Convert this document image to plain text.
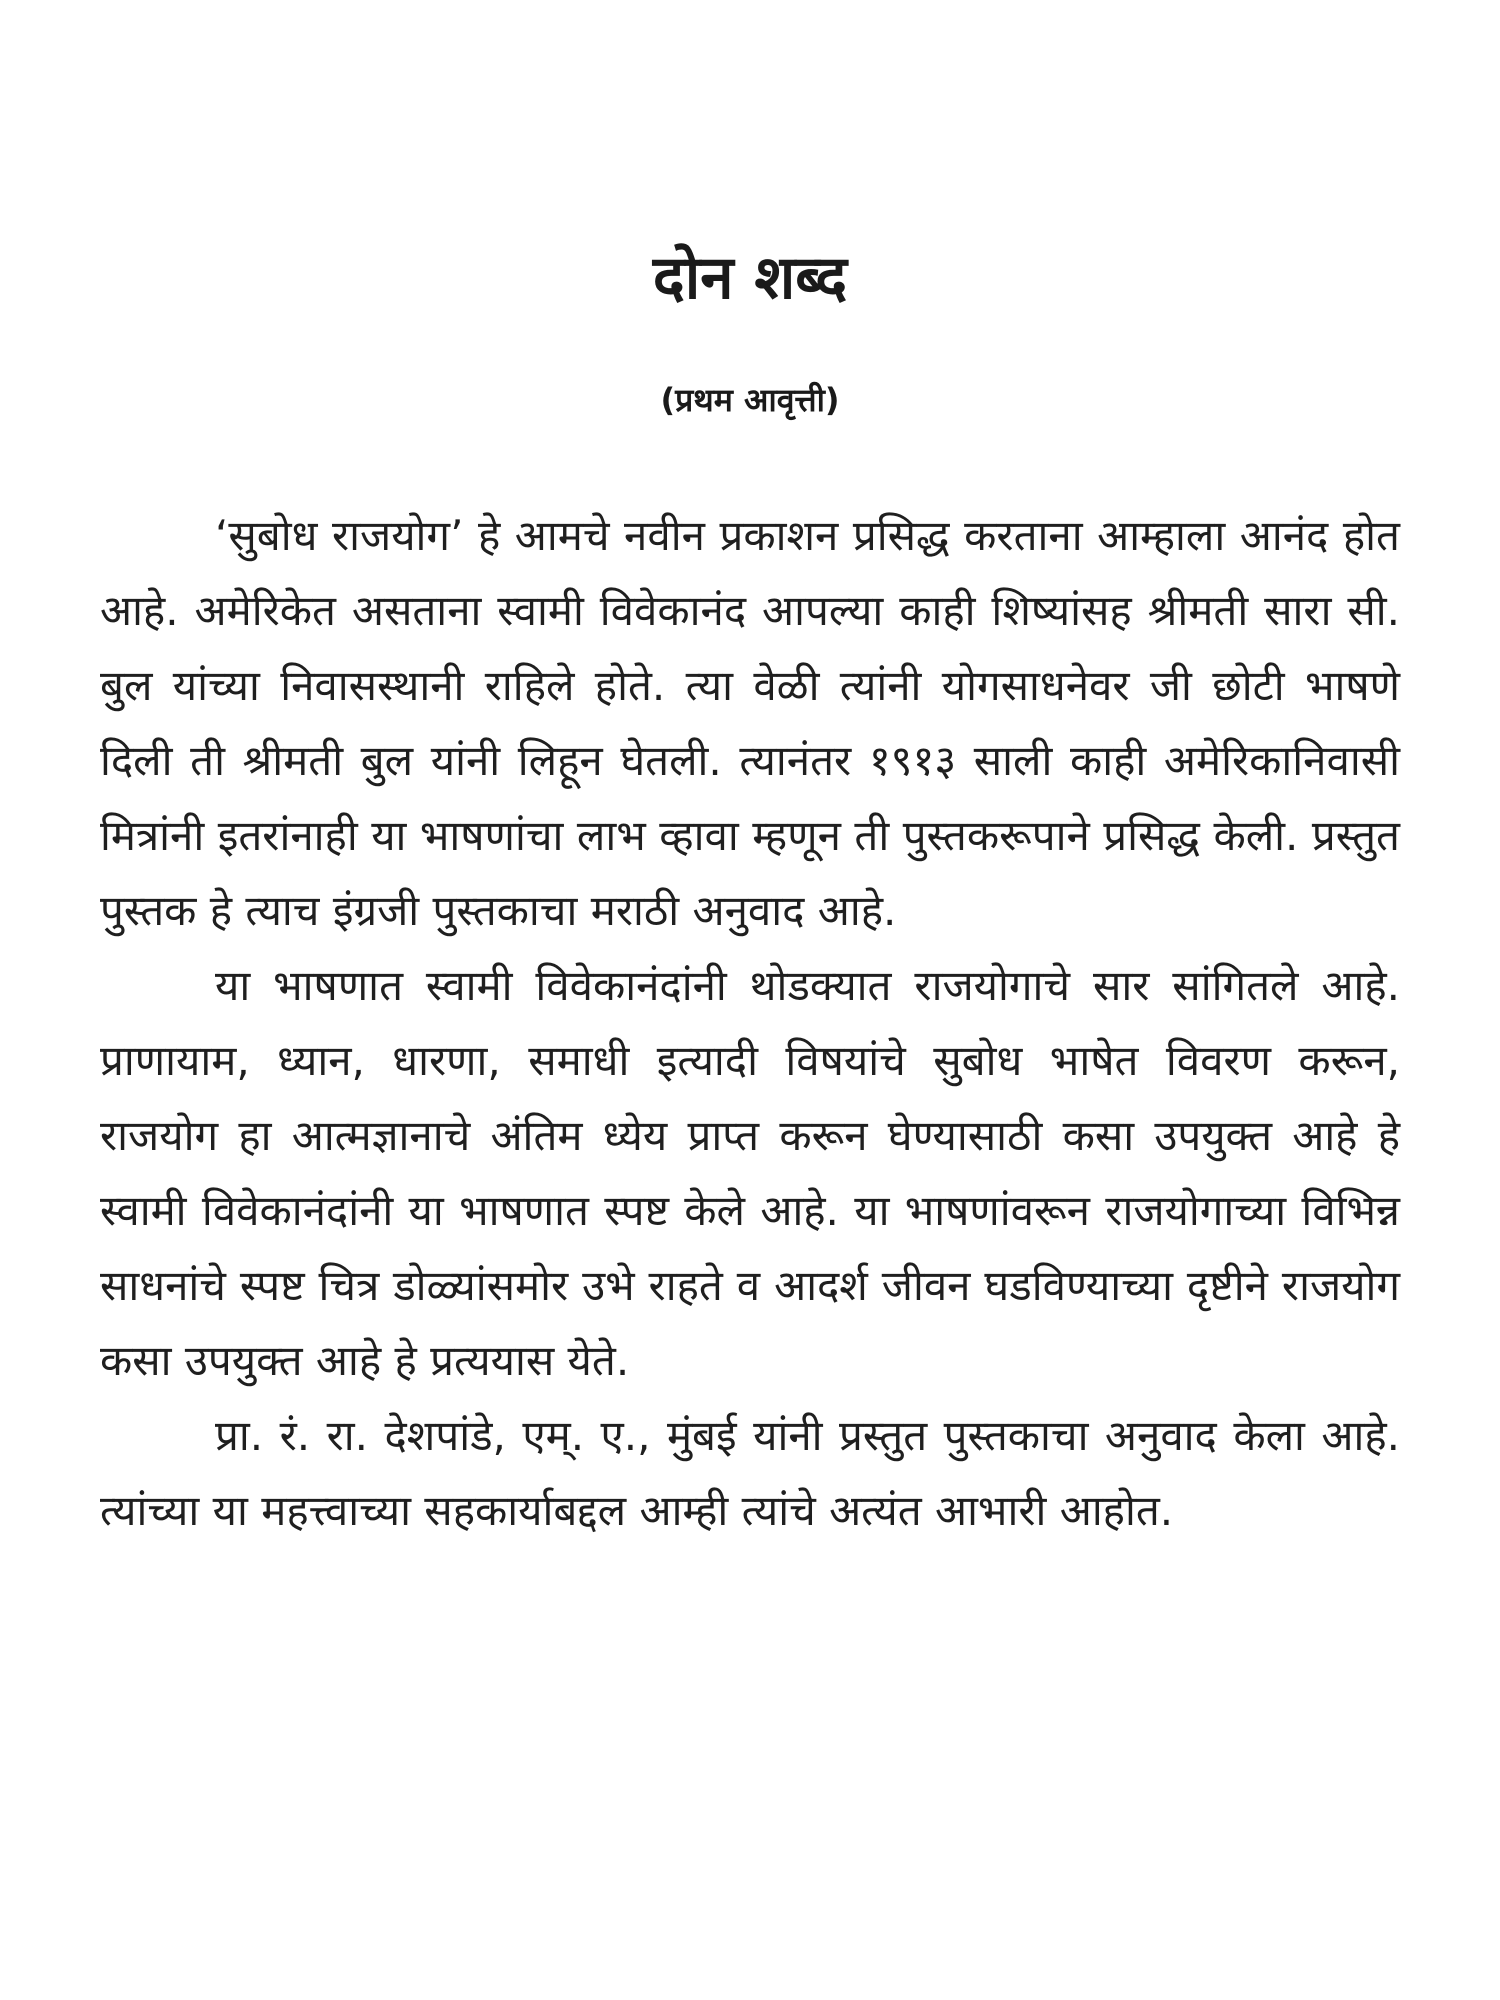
दोन शब्द
(प्रथम आवृत्ती)

‘सुबोध राजयोग’ हे आमचे नवीन प्रकाशन प्रसिद्ध करताना आम्हाला आनंद होत आहे. अमेरिकेत असताना स्वामी विवेकानंद आपल्या काही शिष्यांसह श्रीमती सारा सी. बुल यांच्या निवासस्थानी राहिले होते. त्या वेळी त्यांनी योगसाधनेवर जी छोटी भाषणे दिली ती श्रीमती बुल यांनी लिहून घेतली. त्यानंतर १९१३ साली काही अमेरिकानिवासी मित्रांनी इतरांनाही या भाषणांचा लाभ व्हावा म्हणून ती पुस्तकरूपाने प्रसिद्ध केली. प्रस्तुत पुस्तक हे त्याच इंग्रजी पुस्तकाचा मराठी अनुवाद आहे.

या भाषणात स्वामी विवेकानंदांनी थोडक्यात राजयोगाचे सार सांगितले आहे. प्राणायाम, ध्यान, धारणा, समाधी इत्यादी विषयांचे सुबोध भाषेत विवरण करून, राजयोग हा आत्मज्ञानाचे अंतिम ध्येय प्राप्त करून घेण्यासाठी कसा उपयुक्त आहे हे स्वामी विवेकानंदांनी या भाषणात स्पष्ट केले आहे. या भाषणांवरून राजयोगाच्या विभिन्न साधनांचे स्पष्ट चित्र डोळ्यांसमोर उभे राहते व आदर्श जीवन घडविण्याच्या दृष्टीने राजयोग कसा उपयुक्त आहे हे प्रत्ययास येते.

प्रा. रं. रा. देशपांडे, एम्. ए., मुंबई यांनी प्रस्तुत पुस्तकाचा अनुवाद केला आहे. त्यांच्या या महत्त्वाच्या सहकार्याबद्दल आम्ही त्यांचे अत्यंत आभारी आहोत.
